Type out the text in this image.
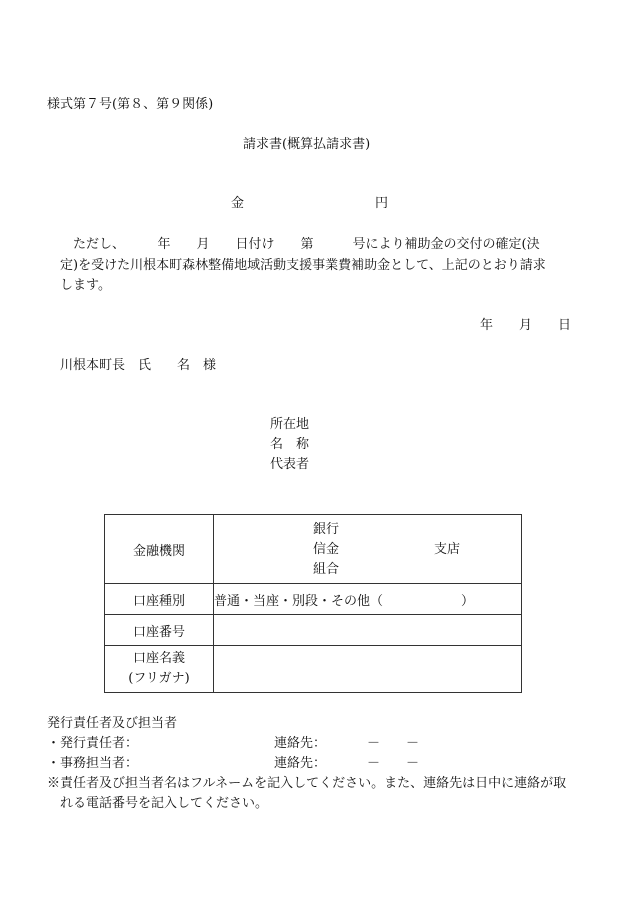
様式第７号(第８、第９関係)
請求書(概算払請求書)
金	円
ただし、　　　年　　月　　日付け　　第　　　号により補助金の交付の確定(決
定)を受けた川根本町森林整備地域活動支援事業費補助金として、上記のとおり請求
します。
年　　月　　日
川根本町長　氏　　名　様
所在地
名　称
代表者
金融機関	銀行
信金
組合
支店

口座種別	普通・当座・別段・その他（　　　　　　）
口座番号	

口座名義
(フリガナ)	

発行責任者及び担当者
・発行責任者：	連絡先：	－　　－
・事務担当者：	連絡先：	－　　－
※責任者及び担当者名はフルネームを記入してください。また、連絡先は日中に連絡が取
れる電話番号を記入してください。
